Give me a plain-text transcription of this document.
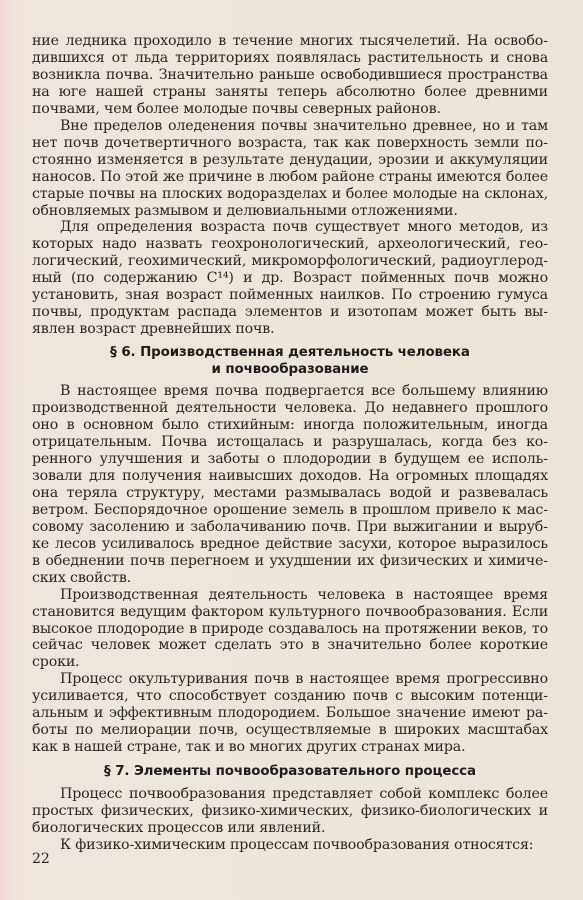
ние ледника проходило в течение многих тысячелетий. На освободившихся от льда территориях появлялась растительность и снова возникла почва. Значительно раньше освободившиеся пространства на юге нашей страны заняты теперь абсолютно более древними почвами, чем более молодые почвы северных районов.

Вне пределов оледенения почвы значительно древнее, но и там нет почв дочетвертичного возраста, так как поверхность земли постоянно изменяется в результате денудации, эрозии и аккумуляции наносов. По этой же причине в любом районе страны имеются более старые почвы на плоских водоразделах и более молодые на склонах, обновляемых размывом и делювиальными отложениями.

Для определения возраста почв существует много методов, из которых надо назвать геохронологический, археологический, геологический, геохимический, микроморфологический, радиоуглеродный (по содержанию C¹⁴) и др. Возраст пойменных почв можно установить, зная возраст пойменных наилков. По строению гумуса почвы, продуктам распада элементов и изотопам может быть выявлен возраст древнейших почв.

§ 6. Производственная деятельность человека
и почвообразование

В настоящее время почва подвергается все большему влиянию производственной деятельности человека. До недавнего прошлого оно в основном было стихийным: иногда положительным, иногда отрицательным. Почва истощалась и разрушалась, когда без коренного улучшения и заботы о плодородии в будущем ее использовали для получения наивысших доходов. На огромных площадях она теряла структуру, местами размывалась водой и развевалась ветром. Беспорядочное орошение земель в прошлом привело к массовому засолению и заболачиванию почв. При выжигании и вырубке лесов усиливалось вредное действие засухи, которое выразилось в обеднении почв перегноем и ухудшении их физических и химических свойств.

Производственная деятельность человека в настоящее время становится ведущим фактором культурного почвообразования. Если высокое плодородие в природе создавалось на протяжении веков, то сейчас человек может сделать это в значительно более короткие сроки.

Процесс окультуривания почв в настоящее время прогрессивно усиливается, что способствует созданию почв с высоким потенциальным и эффективным плодородием. Большое значение имеют работы по мелиорации почв, осуществляемые в широких масштабах как в нашей стране, так и во многих других странах мира.

§ 7. Элементы почвообразовательного процесса

Процесс почвообразования представляет собой комплекс более простых физических, физико-химических, физико-биологических и биологических процессов или явлений.

К физико-химическим процессам почвообразования относятся:

22
